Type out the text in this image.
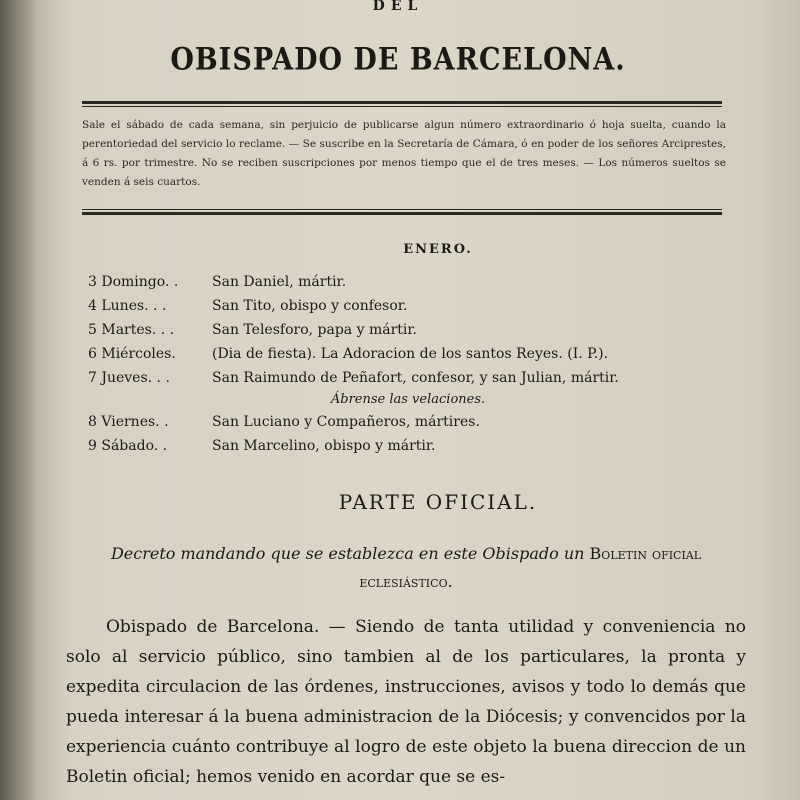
DEL
OBISPADO DE BARCELONA.
Sale el sábado de cada semana, sin perjuicio de publicarse algun número extraordinario ó hoja suelta, cuando la perentoriedad del servicio lo reclame. — Se suscribe en la Secretaría de Cámara, ó en poder de los señores Arciprestes, á 6 rs. por trimestre. No se reciben suscripciones por menos tiempo que el de tres meses. — Los números sueltos se venden á seis cuartos.
ENERO.
3 Domingo. .	San Daniel, mártir.
4 Lunes. . .	San Tito, obispo y confesor.
5 Martes. . .	San Telesforo, papa y mártir.
6 Miércoles.	(Dia de fiesta). La Adoracion de los santos Reyes. (I. P.).
7 Jueves. . .	San Raimundo de Peñafort, confesor, y san Julian, mártir.
Ábrense las velaciones.
8 Viernes. .	San Luciano y Compañeros, mártires.
9 Sábado. .	San Marcelino, obispo y mártir.
PARTE OFICIAL.
Decreto mandando que se establezca en este Obispado un Boletin oficial eclesiástico.
Obispado de Barcelona. — Siendo de tanta utilidad y conveniencia no solo al servicio público, sino tambien al de los particulares, la pronta y expedita circulacion de las órdenes, instrucciones, avisos y todo lo demás que pueda interesar á la buena administracion de la Diócesis; y convencidos por la experiencia cuánto contribuye al logro de este objeto la buena direccion de un Boletin oficial; hemos venido en acordar que se es-
